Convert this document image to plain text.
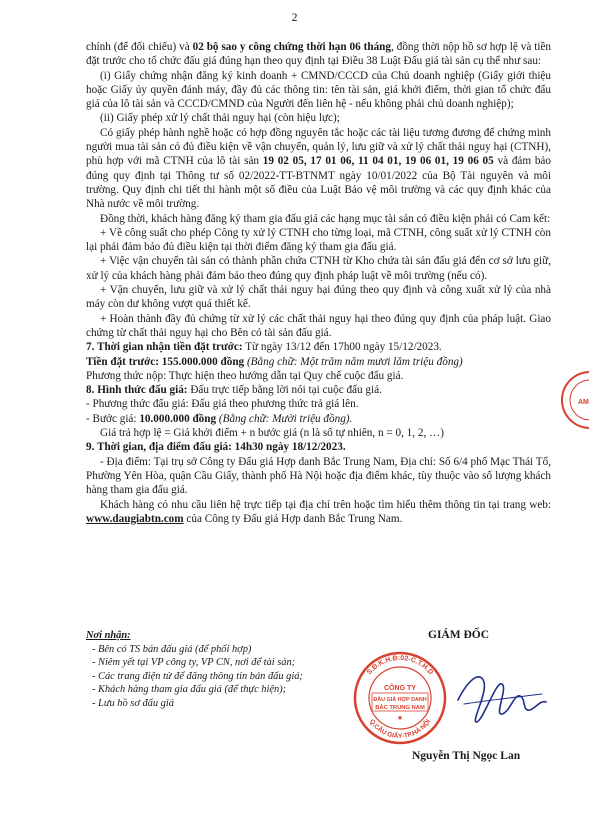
2

chính (để đối chiếu) và 02 bộ sao y công chứng thời hạn 06 tháng, đồng thời nộp hồ sơ hợp lệ và tiền đặt trước cho tổ chức đấu giá đúng hạn theo quy định tại Điều 38 Luật Đấu giá tài sản cụ thể như sau:

(i) Giấy chứng nhận đăng ký kinh doanh + CMND/CCCD của Chủ doanh nghiệp (Giấy giới thiệu hoặc Giấy ủy quyền đánh máy, đầy đủ các thông tin: tên tài sản, giá khởi điểm, thời gian tổ chức đấu giá của lô tài sản và CCCD/CMND của Người đến liên hệ - nếu không phải chủ doanh nghiệp);

(ii) Giấy phép xử lý chất thải nguy hại (còn hiệu lực);

Có giấy phép hành nghề hoặc có hợp đồng nguyên tắc hoặc các tài liệu tương đương để chứng minh người mua tài sản có đủ điều kiện về vận chuyển, quản lý, lưu giữ và xử lý chất thải nguy hại (CTNH), phù hợp với mã CTNH của lô tài sản 19 02 05, 17 01 06, 11 04 01, 19 06 01, 19 06 05 và đảm bảo đúng quy định tại Thông tư số 02/2022-TT-BTNMT ngày 10/01/2022 của Bộ Tài nguyên và môi trường. Quy định chi tiết thi hành một số điều của Luật Bảo vệ môi trường và các quy định khác của Nhà nước về môi trường.

Đồng thời, khách hàng đăng ký tham gia đấu giá các hạng mục tài sản có điều kiện phải có Cam kết:

+ Về công suất cho phép Công ty xử lý CTNH cho từng loại, mã CTNH, công suất xử lý CTNH còn lại phải đảm bảo đủ điều kiện tại thời điểm đăng ký tham gia đấu giá.

+ Việc vận chuyển tài sản có thành phần chứa CTNH từ Kho chứa tài sản đấu giá đến cơ sở lưu giữ, xử lý của khách hàng phải đảm bảo theo đúng quy định pháp luật về môi trường (nếu có).

+ Vận chuyển, lưu giữ và xử lý chất thải nguy hại đúng theo quy định và công xuất xử lý của nhà máy còn dư không vượt quá thiết kế.

+ Hoàn thành đầy đủ chứng từ xử lý các chất thải nguy hại theo đúng quy định của pháp luật. Giao chứng từ chất thải nguy hại cho Bên có tài sản đấu giá.

7. Thời gian nhận tiền đặt trước: Từ ngày 13/12 đến 17h00 ngày 15/12/2023.

Tiền đặt trước: 155.000.000 đồng (Bằng chữ: Một trăm năm mươi lăm triệu đồng)

Phương thức nộp: Thực hiện theo hướng dẫn tại Quy chế cuộc đấu giá.

8. Hình thức đấu giá: Đấu trực tiếp bằng lời nói tại cuộc đấu giá.

- Phương thức đấu giá: Đấu giá theo phương thức trả giá lên.

- Bước giá: 10.000.000 đồng (Bằng chữ: Mười triệu đồng).

Giá trả hợp lệ = Giá khởi điểm + n bước giá (n là số tự nhiên, n = 0, 1, 2, …)

9. Thời gian, địa điểm đấu giá: 14h30 ngày 18/12/2023.

- Địa điểm: Tại trụ sở Công ty Đấu giá Hợp danh Bắc Trung Nam, Địa chỉ: Số 6/4 phố Mạc Thái Tổ, Phường Yên Hòa, quận Cầu Giấy, thành phố Hà Nội hoặc địa điểm khác, tùy thuộc vào số lượng khách hàng tham gia đấu giá.

Khách hàng có nhu cầu liên hệ trực tiếp tại địa chỉ trên hoặc tìm hiểu thêm thông tin tại trang web: www.daugiabtn.com của Công ty Đấu giá Hợp danh Bắc Trung Nam.

Nơi nhận:
- Bên có TS bán đấu giá (để phối hợp)
- Niêm yết tại VP công ty, VP CN, nơi để tài sản;
- Các trang điện tử để đăng thông tin bán đấu giá;
- Khách hàng tham gia đấu giá (để thực hiện);
- Lưu hồ sơ đấu giá
GIÁM ĐỐC
S.Đ.K.H.Đ:02-C.T.H.D
Q.CẦU GIẤY-TP.HÀ NỘI
CÔNG TY
ĐẤU GIÁ HỢP DANH
BẮC TRUNG NAM
★
Nguyễn Thị Ngọc Lan
AM
